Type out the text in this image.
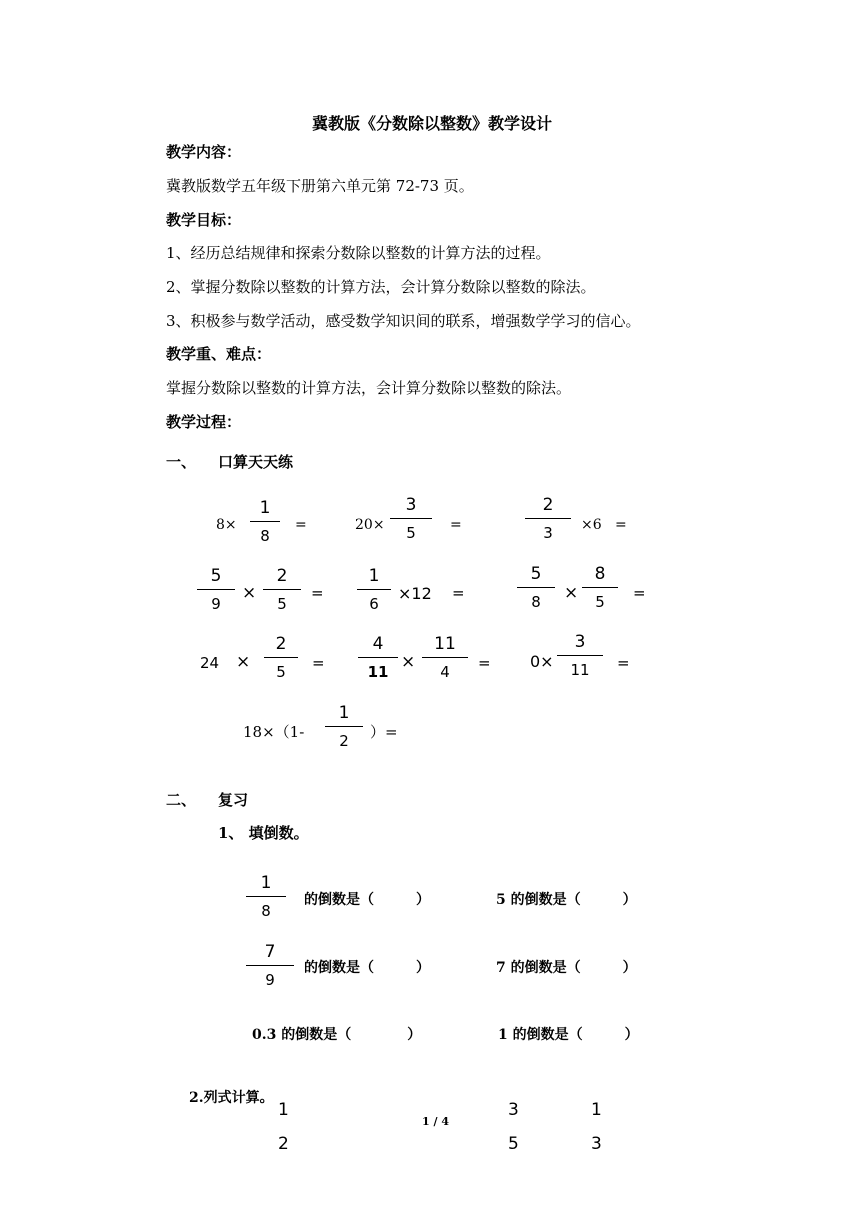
冀教版《分数除以整数》教学设计
教学内容：
冀教版数学五年级下册第六单元第 72-73 页。
教学目标：
1、经历总结规律和探索分数除以整数的计算方法的过程。
2、掌握分数除以整数的计算方法，会计算分数除以整数的除法。
3、积极参与数学活动，感受数学知识间的联系，增强数学学习的信心。
教学重、难点：
掌握分数除以整数的计算方法，会计算分数除以整数的除法。
教学过程：
一、 口算天天练
8×
1
8
=	20×
3
5 =
2
3 ×6 =
5
9
×
2
5
=
1
6
×12 =
5
8 ×
8
5 =
24 ×
2
5 =
4
11 ×
11
4 = 0×
3
11 =
18×（1-
1
2 ）=
二、 复习
1、 填倒数。
1
8
的倒数是（　　　）	5 的倒数是（　　　）
7
9
的倒数是（　　　）	7 的倒数是（　　　）
0.3 的倒数是（　　　　）	1 的倒数是（　　　）
2.列式计算。
1
2
3
5
1
3
1 / 4
